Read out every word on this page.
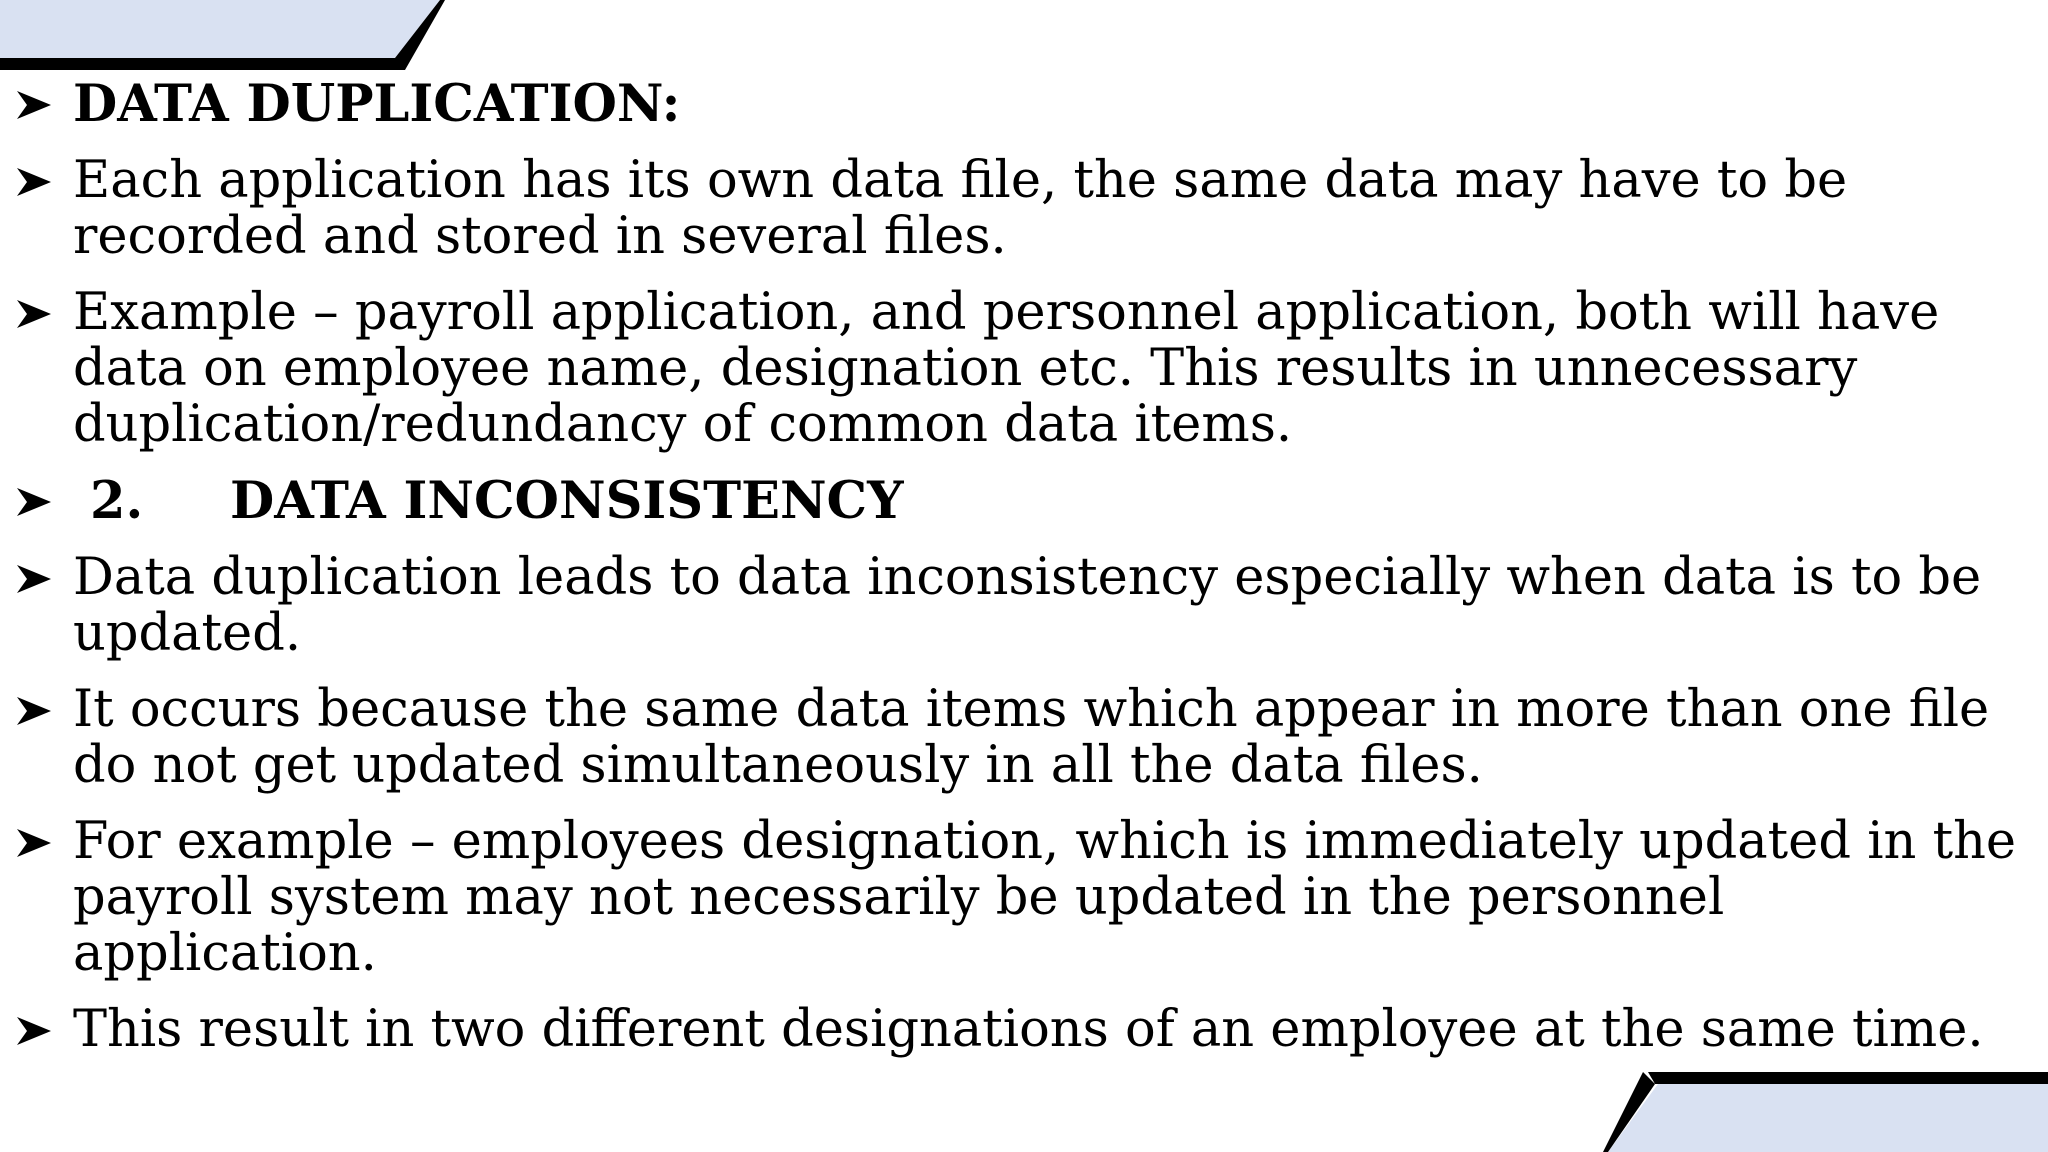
DATA DUPLICATION:
Each application has its own data file, the same data may have to be recorded and stored in several files.
Example – payroll application, and personnel application, both will have data on employee name, designation etc. This results in unnecessary duplication/redundancy of common data items.
2. DATA INCONSISTENCY
Data duplication leads to data inconsistency especially when data is to be updated.
It occurs because the same data items which appear in more than one file do not get updated simultaneously in all the data files.
For example – employees designation, which is immediately updated in the payroll system may not necessarily be updated in the personnel application.
This result in two different designations of an employee at the same time.
